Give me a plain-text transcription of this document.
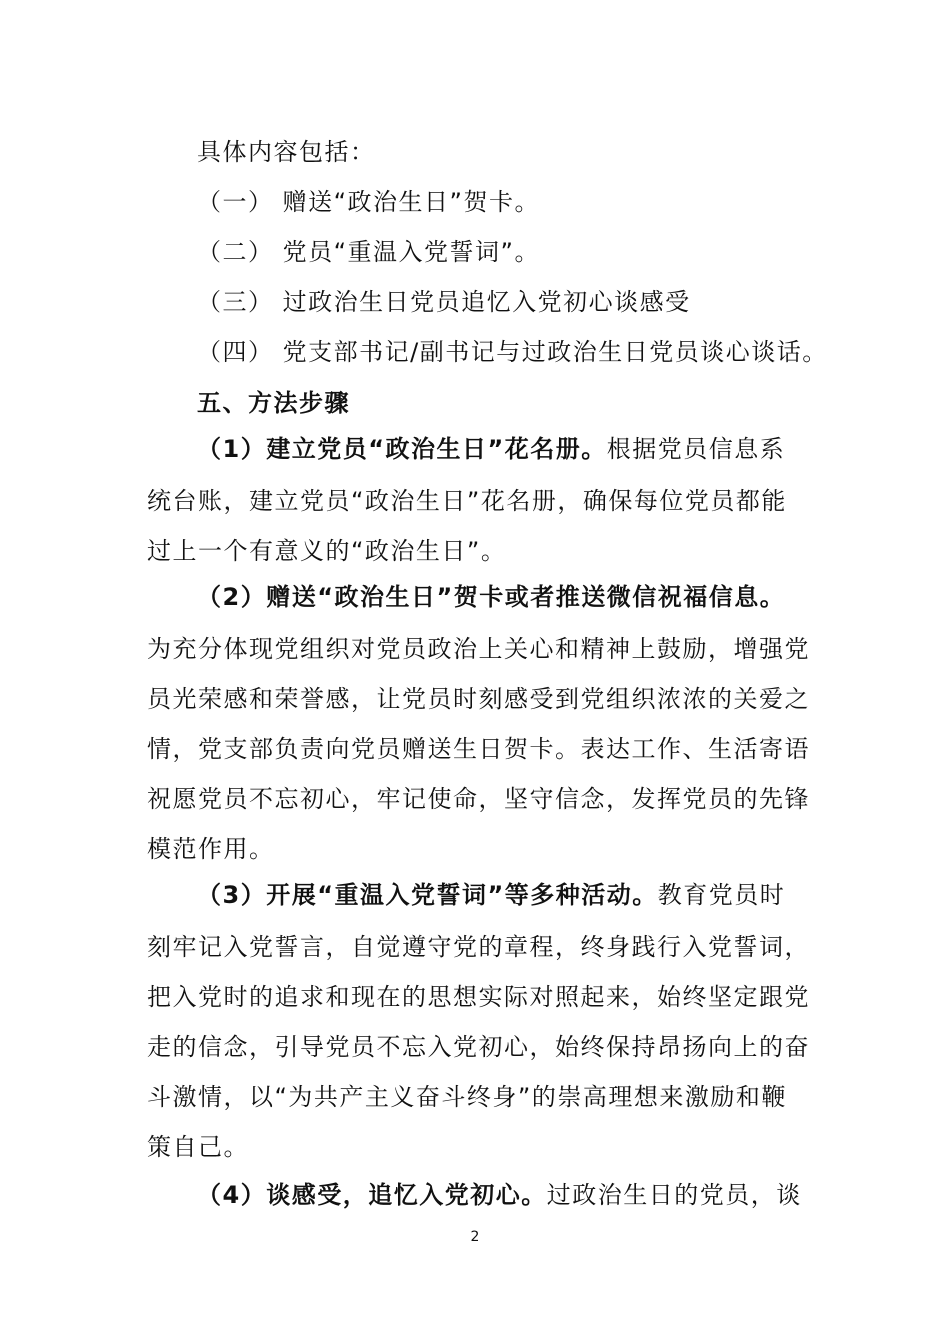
具体内容包括：
（一） 赠送“政治生日”贺卡。
（二） 党员“重温入党誓词”。
（三） 过政治生日党员追忆入党初心谈感受
（四） 党支部书记/副书记与过政治生日党员谈心谈话。
五、方法步骤
（1）建立党员“政治生日”花名册。根据党员信息系
统台账，建立党员“政治生日”花名册，确保每位党员都能
过上一个有意义的“政治生日”。
（2）赠送“政治生日”贺卡或者推送微信祝福信息。
为充分体现党组织对党员政治上关心和精神上鼓励，增强党
员光荣感和荣誉感，让党员时刻感受到党组织浓浓的关爱之
情，党支部负责向党员赠送生日贺卡。表达工作、生活寄语
祝愿党员不忘初心，牢记使命，坚守信念，发挥党员的先锋
模范作用。
（3）开展“重温入党誓词”等多种活动。教育党员时
刻牢记入党誓言，自觉遵守党的章程，终身践行入党誓词，
把入党时的追求和现在的思想实际对照起来，始终坚定跟党
走的信念，引导党员不忘入党初心，始终保持昂扬向上的奋
斗激情，以“为共产主义奋斗终身”的崇高理想来激励和鞭
策自己。
（4）谈感受，追忆入党初心。过政治生日的党员，谈
2
